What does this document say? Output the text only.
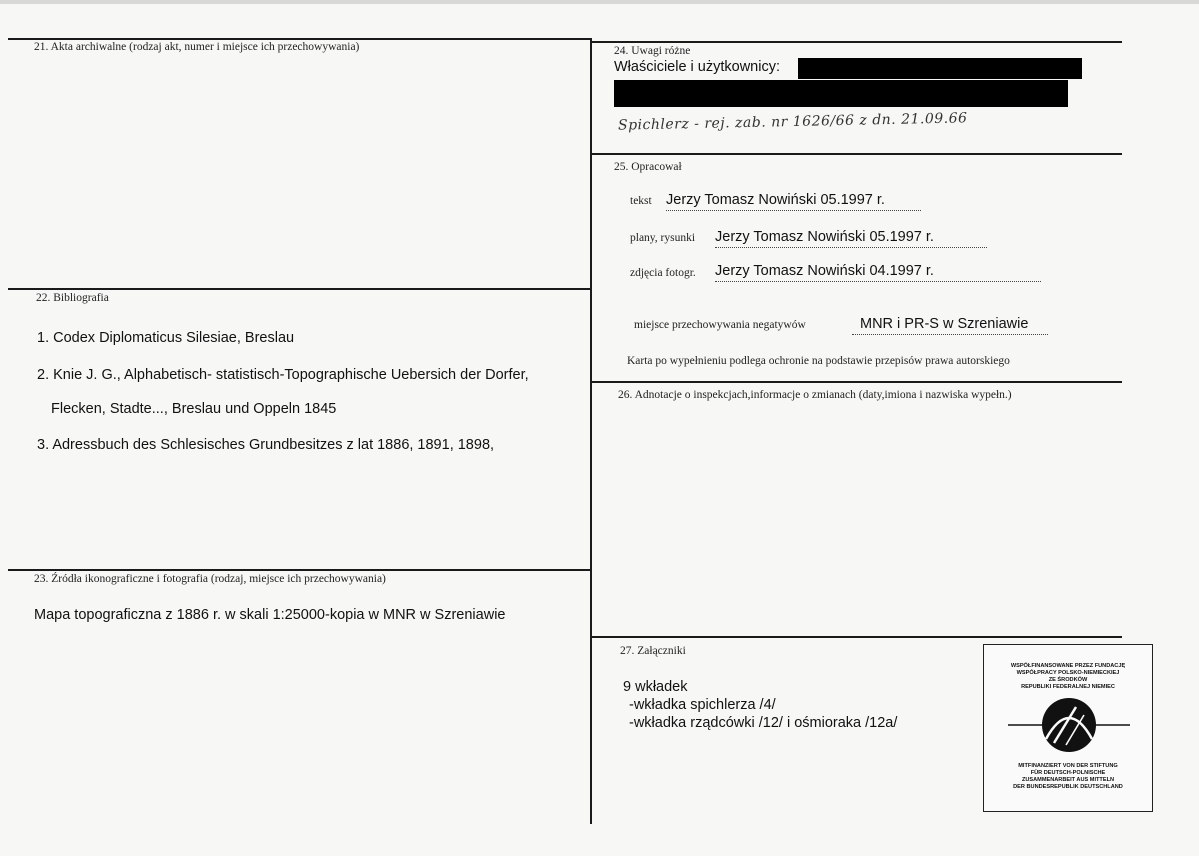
21. Akta archiwalne (rodzaj akt, numer i miejsce ich przechowywania)
22. Bibliografia
1. Codex Diplomaticus Silesiae, Breslau
2. Knie J. G., Alphabetisch- statistisch-Topographische Uebersich der Dorfer,
Flecken, Stadte..., Breslau und Oppeln 1845
3. Adressbuch des Schlesisches Grundbesitzes z lat 1886, 1891, 1898,
23. Źródła ikonograficzne i fotografia (rodzaj, miejsce ich przechowywania)
Mapa topograficzna z 1886 r. w skali 1:25000-kopia w MNR w Szreniawie
24. Uwagi różne
Właściciele i użytkownicy:
Spichlerz - rej. zab. nr 1626/66 z dn. 21.09.66
25. Opracował
tekst Jerzy Tomasz Nowiński 05.1997 r.
plany, rysunki Jerzy Tomasz Nowiński 05.1997 r.
zdjęcia fotogr. Jerzy Tomasz Nowiński 04.1997 r.
miejsce przechowywania negatywów	MNR i PR-S w Szreniawie
Karta po wypełnieniu podlega ochronie na podstawie przepisów prawa autorskiego
26. Adnotacje o inspekcjach,informacje o zmianach (daty,imiona i nazwiska wypełn.)
27. Załączniki
9 wkładek
-wkładka spichlerza /4/
-wkładka rządcówki /12/ i ośmioraka /12a/
WSPÓŁFINANSOWANE PRZEZ FUNDACJĘ
WSPÓŁPRACY POLSKO-NIEMIECKIEJ
ZE ŚRODKÓW
REPUBLIKI FEDERALNEJ NIEMIEC
MITFINANZIERT VON DER STIFTUNG
FÜR DEUTSCH-POLNISCHE
ZUSAMMENARBEIT AUS MITTELN
DER BUNDESREPUBLIK DEUTSCHLAND
